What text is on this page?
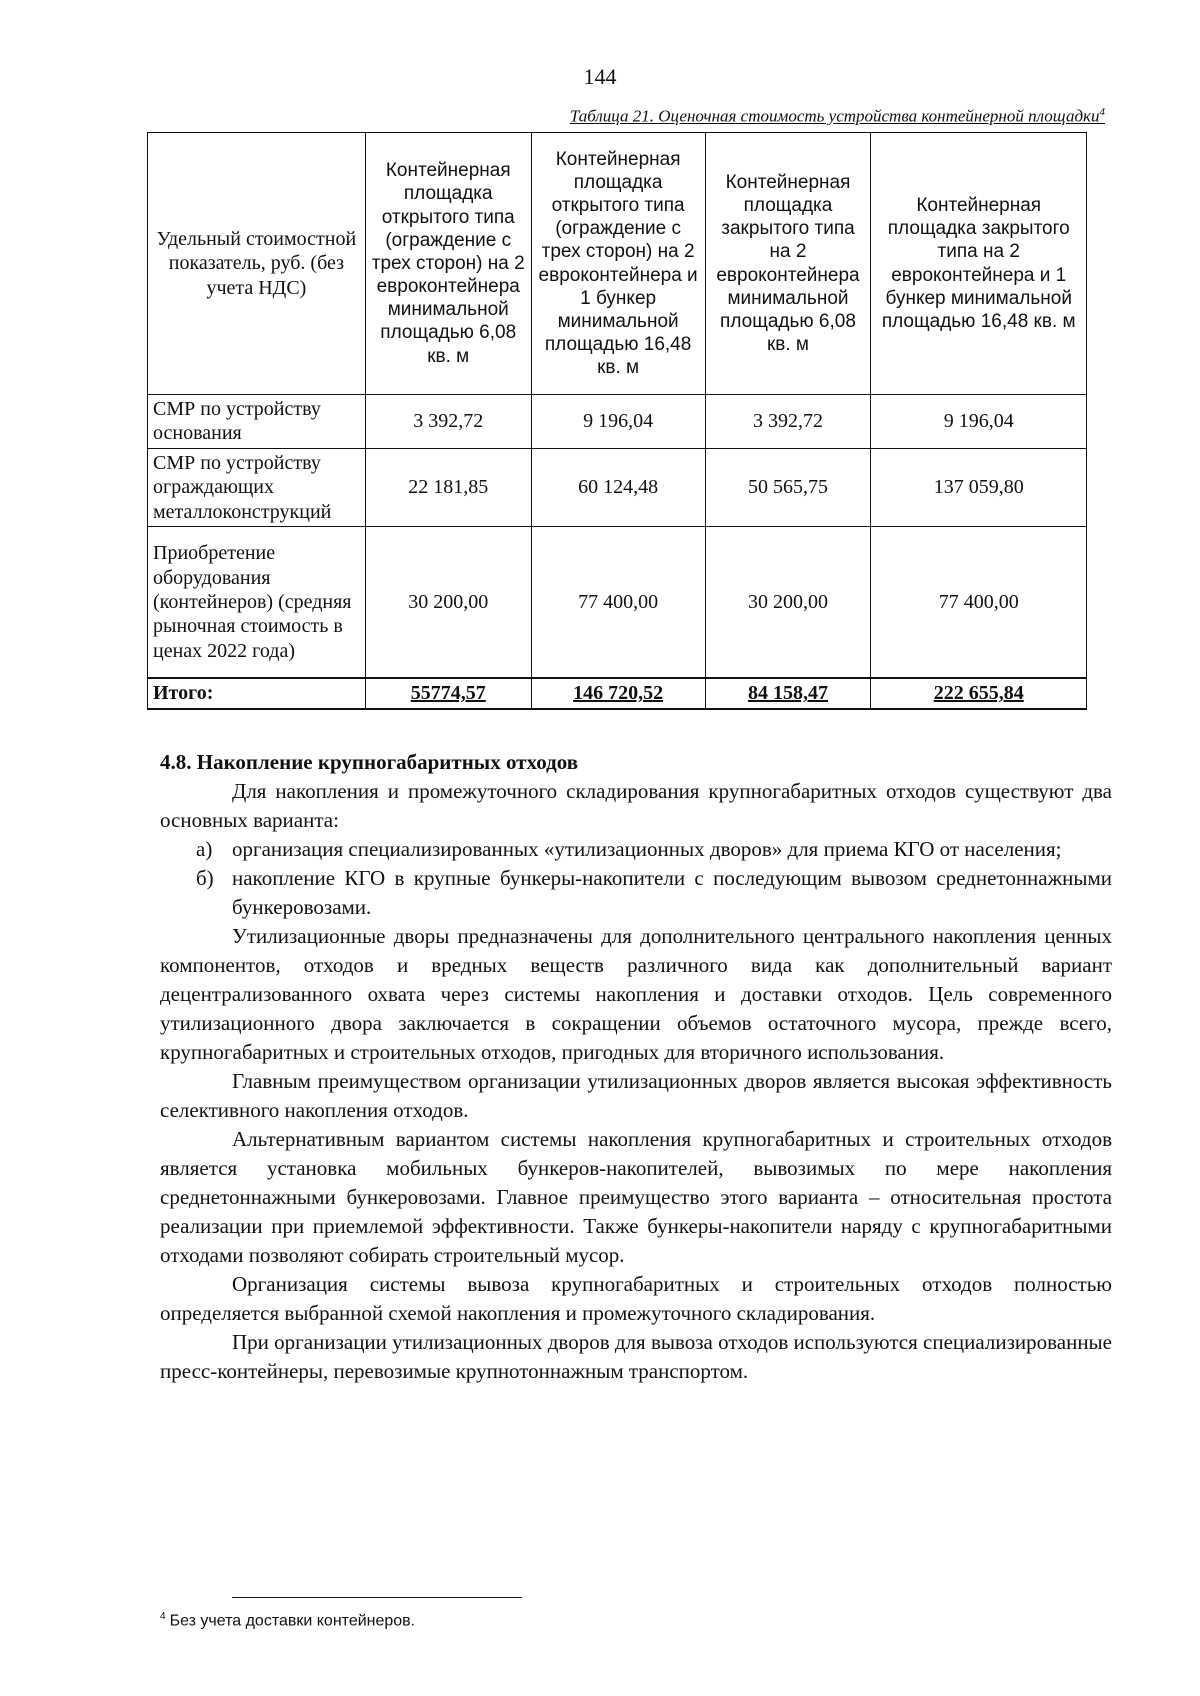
144
Таблица 21. Оценочная стоимость устройства контейнерной площадки$^4$
Удельный стоимостной показатель, руб. (без учета НДС)	Контейнерная площадка открытого типа (ограждение с трех сторон) на 2 евроконтейнера минимальной площадью 6,08 кв. м	Контейнерная площадка открытого типа (ограждение с трех сторон) на 2 евроконтейнера и 1 бункер минимальной площадью 16,48 кв. м	Контейнерная площадка закрытого типа на 2 евроконтейнера минимальной площадью 6,08 кв. м	Контейнерная площадка закрытого типа на 2 евроконтейнера и 1 бункер минимальной площадью 16,48 кв. м
СМР по устройству основания	3 392,72	9 196,04	3 392,72	9 196,04
СМР по устройству ограждающих металлоконструкций	22 181,85	60 124,48	50 565,75	137 059,80
Приобретение оборудования (контейнеров) (средняя рыночная стоимость в ценах 2022 года)	30 200,00	77 400,00	30 200,00	77 400,00
Итого:	55774,57	146 720,52	84 158,47	222 655,84

4.8. Накопление крупногабаритных отходов

Для накопления и промежуточного складирования крупногабаритных отходов существуют два основных варианта:

а) организация специализированных «утилизационных дворов» для приема КГО от населения;

б) накопление КГО в крупные бункеры-накопители с последующим вывозом среднетоннажными бункеровозами.

Утилизационные дворы предназначены для дополнительного центрального накопления ценных компонентов, отходов и вредных веществ различного вида как дополнительный вариант децентрализованного охвата через системы накопления и доставки отходов. Цель современного утилизационного двора заключается в сокращении объемов остаточного мусора, прежде всего, крупногабаритных и строительных отходов, пригодных для вторичного использования.

Главным преимуществом организации утилизационных дворов является высокая эффективность селективного накопления отходов.

Альтернативным вариантом системы накопления крупногабаритных и строительных отходов является установка мобильных бункеров-накопителей, вывозимых по мере накопления среднетоннажными бункеровозами. Главное преимущество этого варианта – относительная простота реализации при приемлемой эффективности. Также бункеры-накопители наряду с крупногабаритными отходами позволяют собирать строительный мусор.

Организация системы вывоза крупногабаритных и строительных отходов полностью определяется выбранной схемой накопления и промежуточного складирования.

При организации утилизационных дворов для вывоза отходов используются специализированные пресс-контейнеры, перевозимые крупнотоннажным транспортом.

$^4$ Без учета доставки контейнеров.
